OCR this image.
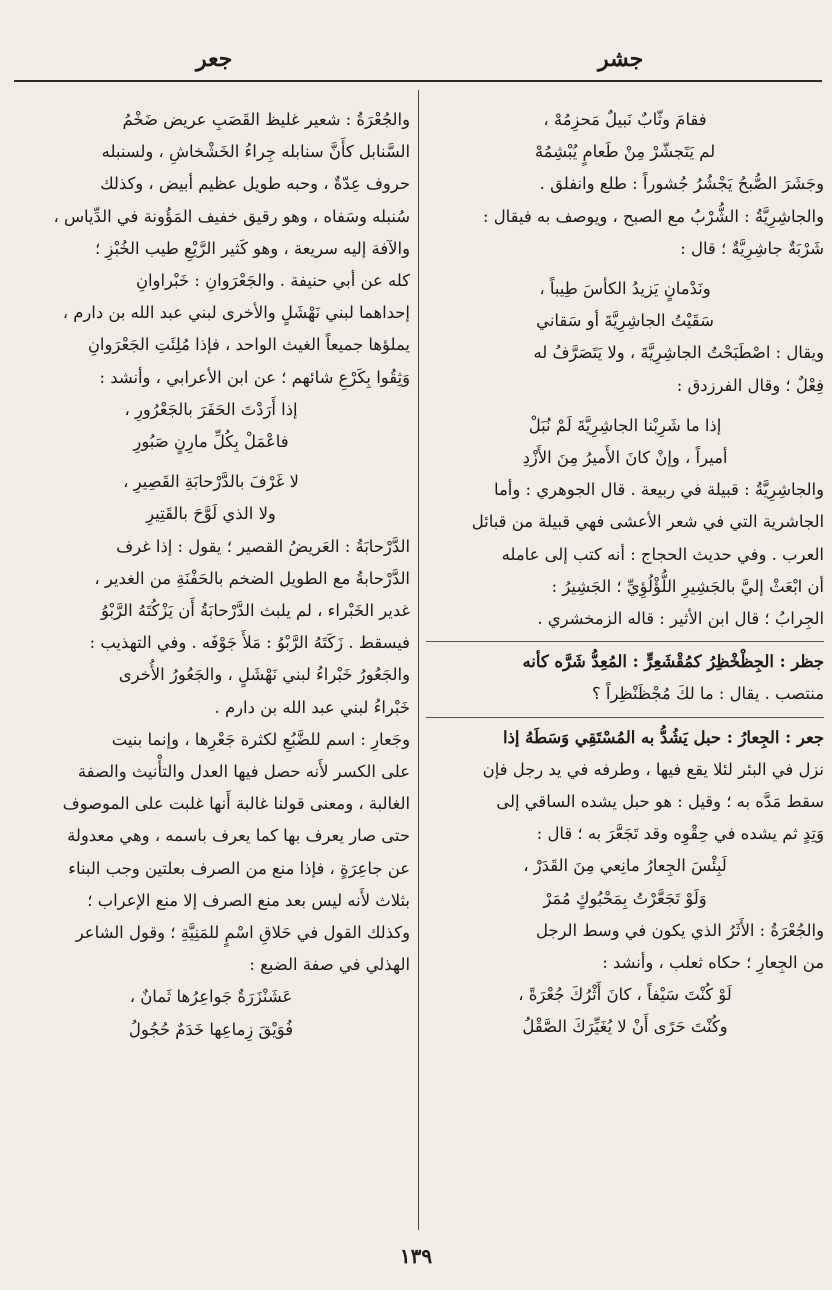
جعر	جشر

فقامَ وثّابٌ نَبيلٌ مَحزِمُهْ ،

لم يَتَجشّرْ مِنْ طَعامٍ يُبْشِمُهْ

وجَشَرَ الصُّبحُ يَجْشُرُ جُشوراً : طلع وانفلق .

والجاشِرِيَّةُ : الشُّرْبُ مع الصبح ، ويوصف به فيقال :

شَرْبَةٌ جاشِرِيَّةٌ ؛ قال :

ونَدْمانٍ يَزيدُ الكأسَ طِيباً ،

سَقَيْتُ الجاشِرِيَّةَ أو سَقاني

ويقال : اصْطَبَحْتُ الجاشِرِيَّةَ ، ولا يَتَصَرَّفُ له

فِعْلٌ ؛ وقال الفرزدق :

إذا ما شَرِبْنا الجاشِرِيَّةَ لَمْ نُبَلْ

أميراً ، وإنْ كانَ الأَميرُ مِنَ الأَزْدِ

والجاشِرِيَّةُ : قبيلة في ربيعة . قال الجوهري : وأما

الجاشرية التي في شعر الأعشى فهي قبيلة من قبائل

العرب . وفي حديث الحجاج : أنه كتب إلى عامله

أن ابْعَثْ إليَّ بالجَشِيرِ اللُّؤْلُؤِيِّ ؛ الجَشِيرُ :

الجِرابُ ؛ قال ابن الأثير : قاله الزمخشري .

جظر : الجِظْخْظِرُ كمُقْشَعِرٍّ : المُعِدُّ شَرَّه كأنه

منتصب . يقال : ما لكَ مُجْظَنْظِراً ؟

جعر : الجِعارُ : حبل يَشُدُّ به المُسْتَقِي وَسَطَهُ إذا

نزل في البئر لئلا يقع فيها ، وطرفه في يد رجل فإن

سقط مَدَّه به ؛ وقيل : هو حبل يشده الساقي إلى

وَتِدٍ ثم يشده في حِقْوِه وقد تَجَعَّرَ به ؛ قال :

لَبِئْسَ الجِعارُ مانِعي مِنَ القَدَرْ ،

وَلَوْ تَجَعَّرْتُ بِمَحْبُوكٍ مُمَرْ

والجُعْرَةُ : الأَثَرُ الذي يكون في وسط الرجل

من الجِعارِ ؛ حكاه ثعلب ، وأنشد :

لَوْ كُنْتَ سَيْفاً ، كانَ أَثْرُكَ جُعْرَةً ،

وكُنْتَ حَرًى أَنْ لا يُغَيِّرَكَ الصَّقْلُ

والجُعْرَةُ : شعير غليظ القَصَبِ عريض ضَخْمُ

السَّنابل كأَنَّ سنابله جِراءُ الخَشْخاشِ ، ولسنبله

حروف عِدّةٌ ، وحبه طويل عظيم أبيض ، وكذلك

سُنبله وسَفاه ، وهو رقيق خفيف المَؤُونة في الدِّياس ،

والآفة إليه سريعة ، وهو كَثير الرَّيْعِ طيب الخُبْزِ ؛

كله عن أبي حنيفة . والجَعْرَوانِ : خَبْراوانِ

إحداهما لبني نَهْشَلٍ والأخرى لبني عبد الله بن دارم ،

يملؤها جميعاً الغيث الواحد ، فإذا مُلِئَتِ الجَعْرَوانِ

وَثِقُوا بِكَرْعِ شائهم ؛ عن ابن الأعرابي ، وأنشد :

إذا أَرَدْتَ الحَفَرَ بالجَعْرُورِ ،

فاعْمَلْ بِكُلِّ مارِنٍ صَبُورِ

لا غَرْفَ بالدَّرْحابَةِ القَصِيرِ ،

ولا الذي لَوَّحَ بالقَتِيرِ

الدَّرْحابَةُ : العَريضُ القصير ؛ يقول : إذا غرف

الدَّرْحابةُ مع الطويل الضخم بالحَفْنَةِ من الغدير ،

غدير الخَبْراء ، لم يلبث الدَّرْحابَةُ أَن يَزْكُتَهُ الرَّبْوُ

فيسقط . زَكَتَهُ الرَّبْوُ : مَلأَ جَوْفَه . وفي التهذيب :

والجَعُورُ خَبْراءُ لبني نَهْشَلٍ ، والجَعُورُ الأُخرى

خَبْراءُ لبني عبد الله بن دارم .

وجَعارِ : اسم للضَّبُعِ لكثرة جَعْرِها ، وإنما بنيت

على الكسر لأَنه حصل فيها العدل والتأْنيث والصفة

الغالبة ، ومعنى قولنا غالبة أَنها غلبت على الموصوف

حتى صار يعرف بها كما يعرف باسمه ، وهي معدولة

عن جاعِرَةٍ ، فإذا منع من الصرف بعلتين وجب البناء

بثلاث لأَنه ليس بعد منع الصرف إلا منع الإعراب ؛

وكذلك القول في حَلاقِ اسْمٍ للمَنِيَّةِ ؛ وقول الشاعر

الهذلي في صفة الضبع :

عَشَنْزَرَةٌ جَواعِرُها ثَمانٌ ،

فُوَيْقَ زِماعِها خَدَمٌ حُجُولُ

١٣٩
